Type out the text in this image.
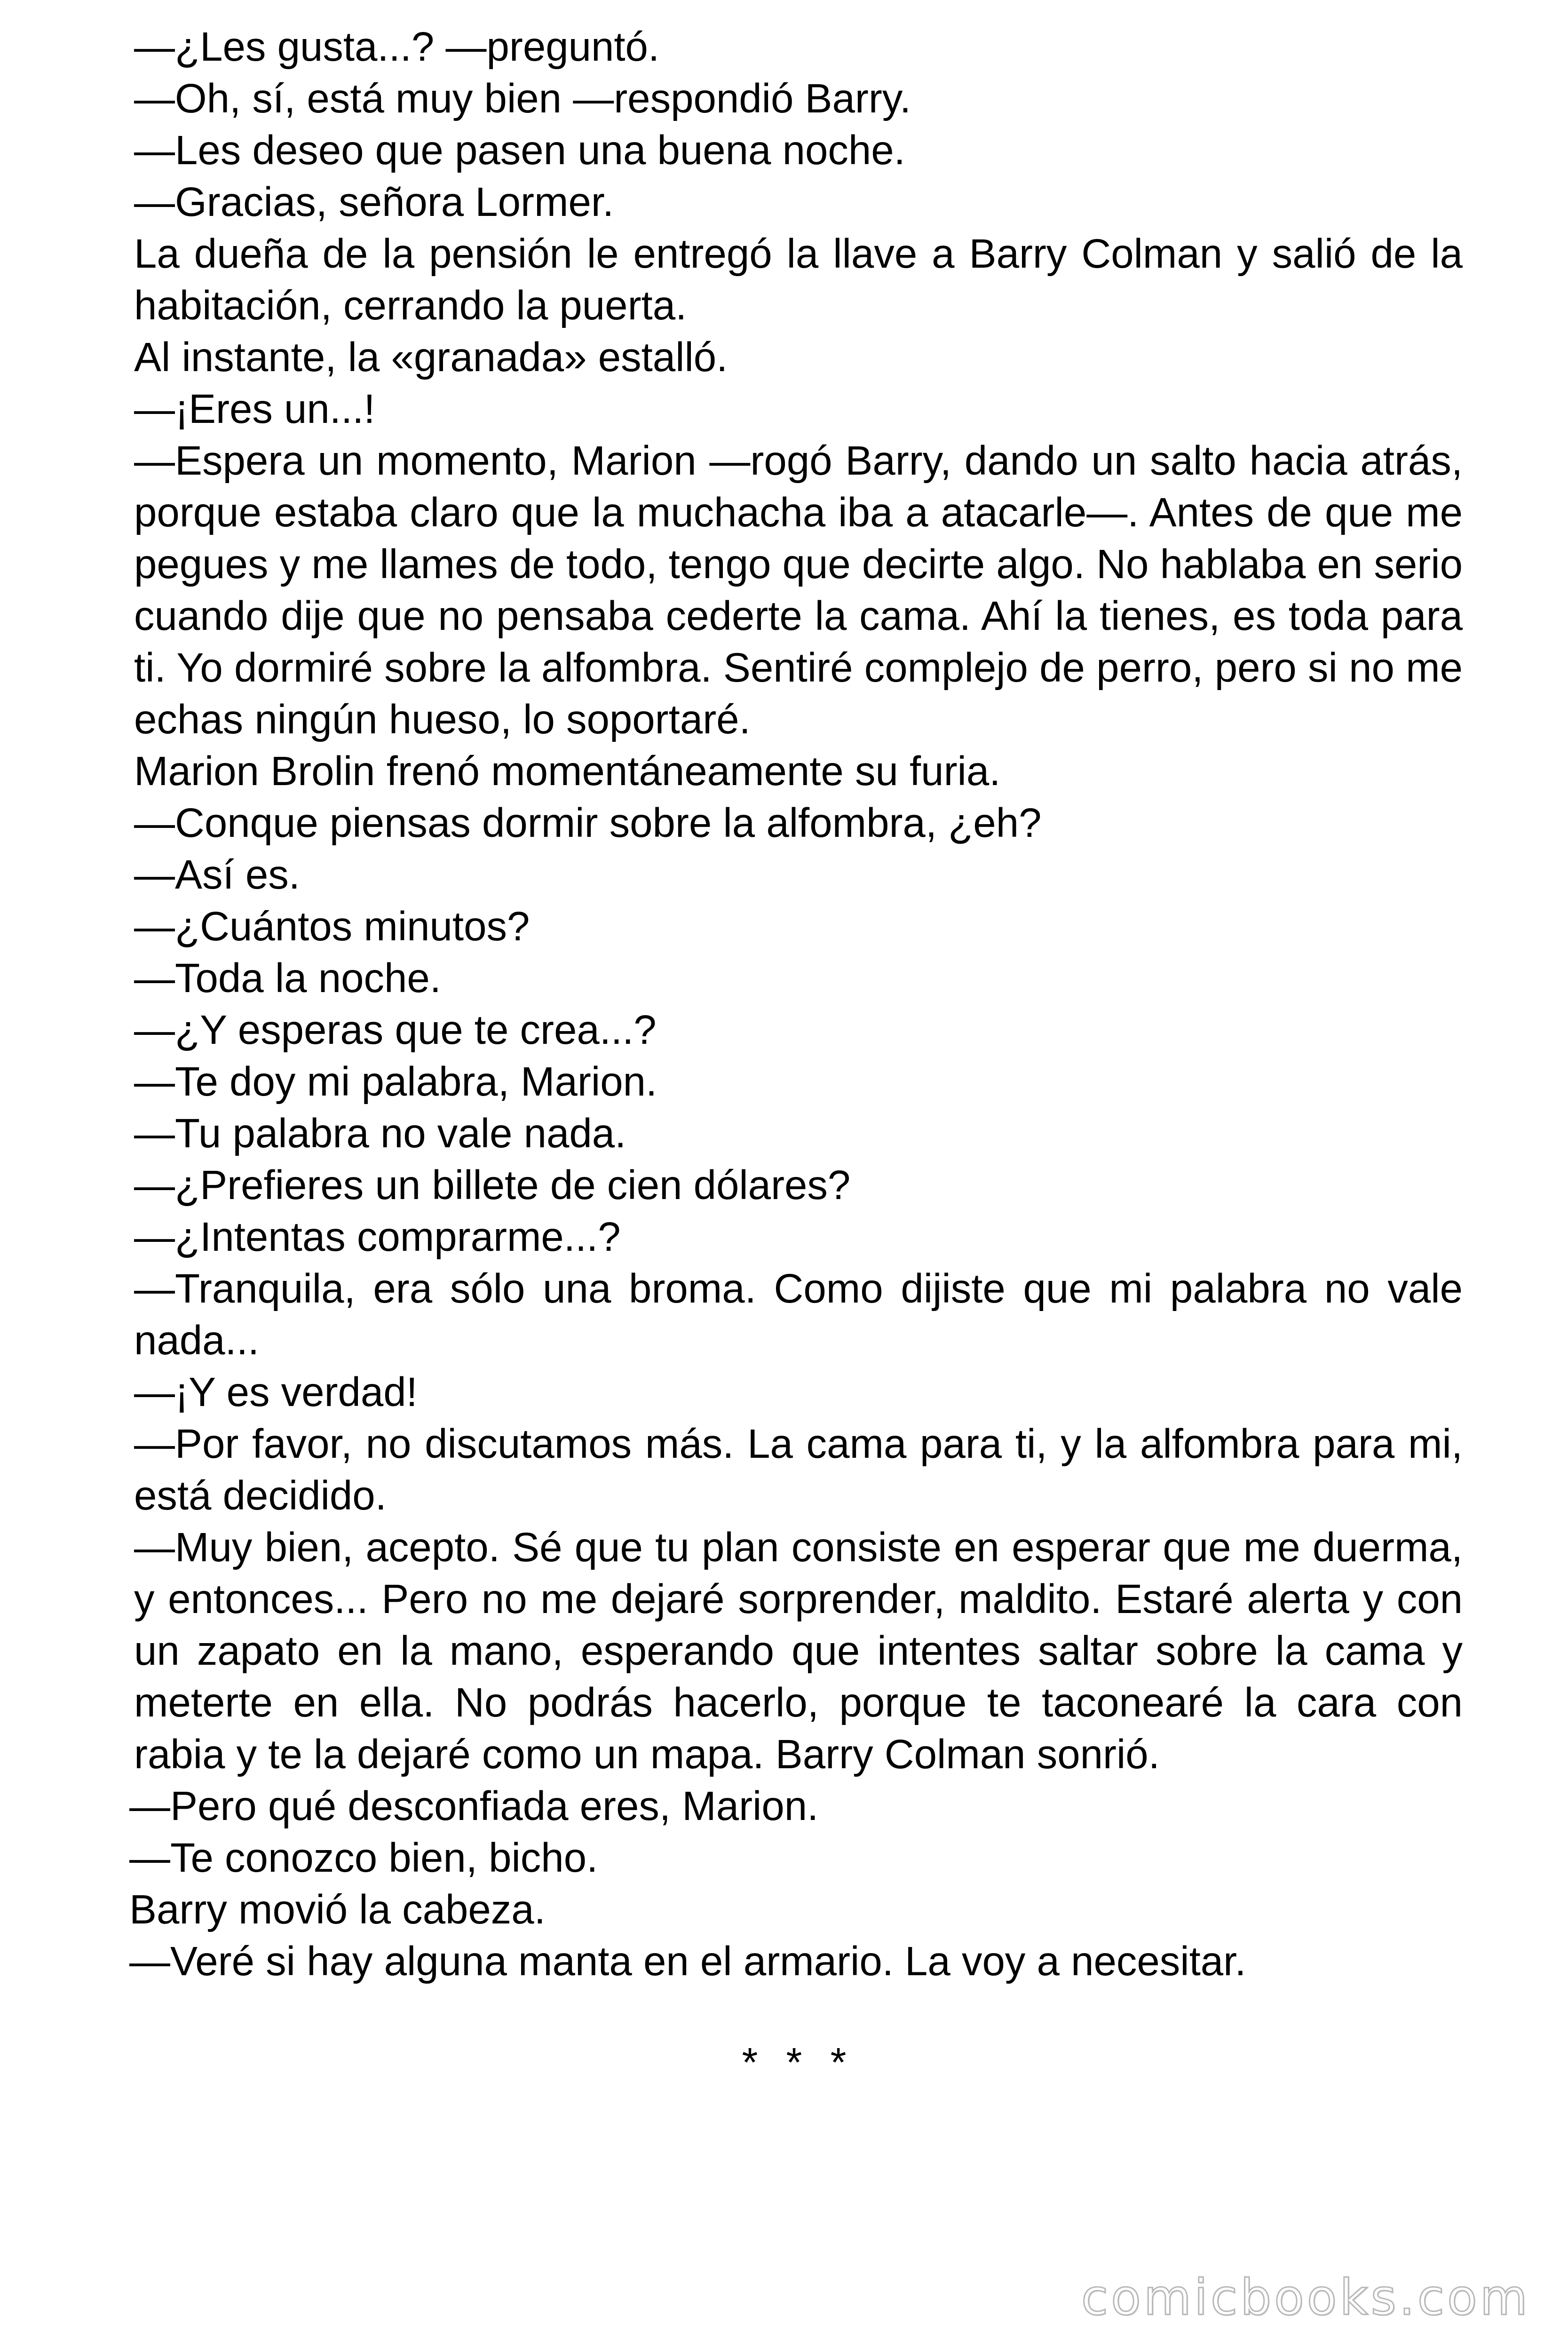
—¿Les gusta...? —preguntó.

—Oh, sí, está muy bien —respondió Barry.

—Les deseo que pasen una buena noche.

—Gracias, señora Lormer.

La dueña de la pensión le entregó la llave a Barry Colman y salió de la habitación, cerrando la puerta.

Al instante, la «granada» estalló.

—¡Eres un...!

—Espera un momento, Marion —rogó Barry, dando un salto hacia atrás, porque estaba claro que la muchacha iba a atacarle—. Antes de que me pegues y me llames de todo, tengo que decirte algo. No hablaba en serio cuando dije que no pensaba cederte la cama. Ahí la tienes, es toda para ti. Yo dormiré sobre la alfombra. Sentiré complejo de perro, pero si no me echas ningún hueso, lo soportaré.

Marion Brolin frenó momentáneamente su furia.

—Conque piensas dormir sobre la alfombra, ¿eh?

—Así es.

—¿Cuántos minutos?

—Toda la noche.

—¿Y esperas que te crea...?

—Te doy mi palabra, Marion.

—Tu palabra no vale nada.

—¿Prefieres un billete de cien dólares?

—¿Intentas comprarme...?

—Tranquila, era sólo una broma. Como dijiste que mi palabra no vale nada...

—¡Y es verdad!

—Por favor, no discutamos más. La cama para ti, y la alfombra para mi, está decidido.

—Muy bien, acepto. Sé que tu plan consiste en esperar que me duerma, y entonces... Pero no me dejaré sorprender, maldito. Estaré alerta y con un zapato en la mano, esperando que intentes saltar sobre la cama y meterte en ella. No podrás hacerlo, porque te taconearé la cara con rabia y te la dejaré como un mapa. Barry Colman sonrió.

—Pero qué desconfiada eres, Marion.

—Te conozco bien, bicho.

Barry movió la cabeza.

—Veré si hay alguna manta en el armario. La voy a necesitar.

* * *
comicbooks.com
